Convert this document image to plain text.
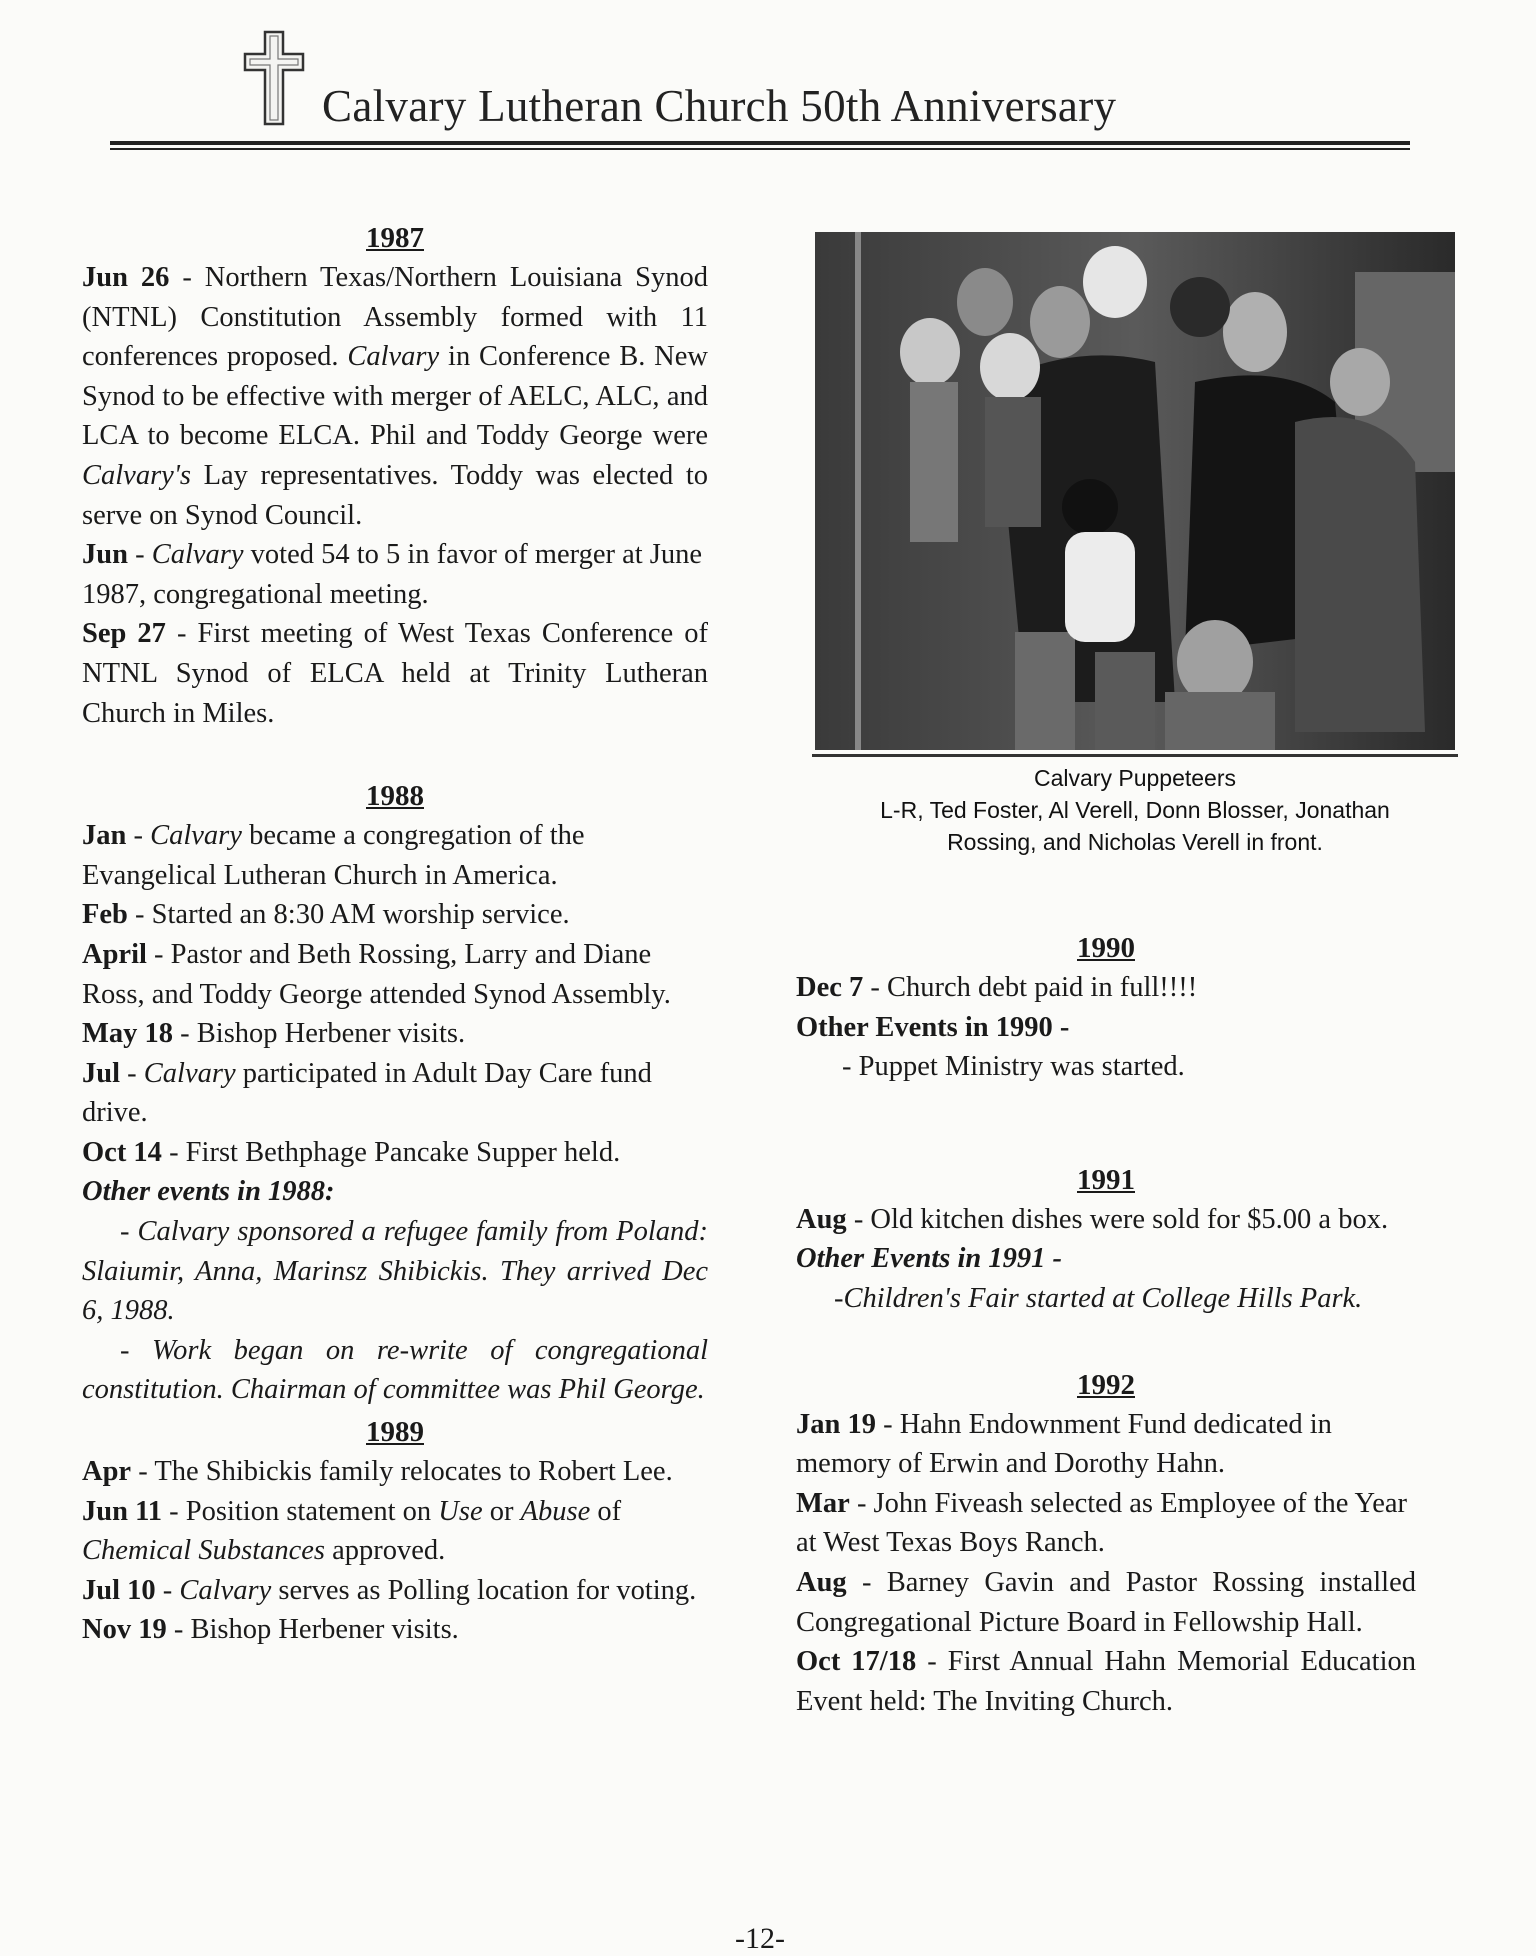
Calvary Lutheran Church 50th Anniversary
1987

Jun 26 - Northern Texas/Northern Louisiana Synod (NTNL) Constitution Assembly formed with 11 conferences proposed. Calvary in Conference B. New Synod to be effective with merger of AELC, ALC, and LCA to become ELCA. Phil and Toddy George were Calvary's Lay representatives. Toddy was elected to serve on Synod Council.

Jun - Calvary voted 54 to 5 in favor of merger at June 1987, congregational meeting.

Sep 27 - First meeting of West Texas Conference of NTNL Synod of ELCA held at Trinity Lutheran Church in Miles.

1988

Jan - Calvary became a congregation of the Evangelical Lutheran Church in America.

Feb - Started an 8:30 AM worship service.

April - Pastor and Beth Rossing, Larry and Diane Ross, and Toddy George attended Synod Assembly.

May 18 - Bishop Herbener visits.

Jul - Calvary participated in Adult Day Care fund drive.

Oct 14 - First Bethphage Pancake Supper held.

Other events in 1988:

- Calvary sponsored a refugee family from Poland: Slaiumir, Anna, Marinsz Shibickis. They arrived Dec 6, 1988.

- Work began on re-write of congregational constitution. Chairman of committee was Phil George.

1989

Apr - The Shibickis family relocates to Robert Lee.

Jun 11 - Position statement on Use or Abuse of Chemical Substances approved.

Jul 10 - Calvary serves as Polling location for voting.

Nov 19 - Bishop Herbener visits.

Calvary Puppeteers
L-R, Ted Foster, Al Verell, Donn Blosser, Jonathan
Rossing, and Nicholas Verell in front.
1990

Dec 7 - Church debt paid in full!!!!

Other Events in 1990 -

- Puppet Ministry was started.

1991

Aug - Old kitchen dishes were sold for $5.00 a box.

Other Events in 1991 -

-Children's Fair started at College Hills Park.

1992

Jan 19 - Hahn Endownment Fund dedicated in memory of Erwin and Dorothy Hahn.

Mar - John Fiveash selected as Employee of the Year at West Texas Boys Ranch.

Aug - Barney Gavin and Pastor Rossing installed Congregational Picture Board in Fellowship Hall.

Oct 17/18 - First Annual Hahn Memorial Education Event held: The Inviting Church.

-12-
